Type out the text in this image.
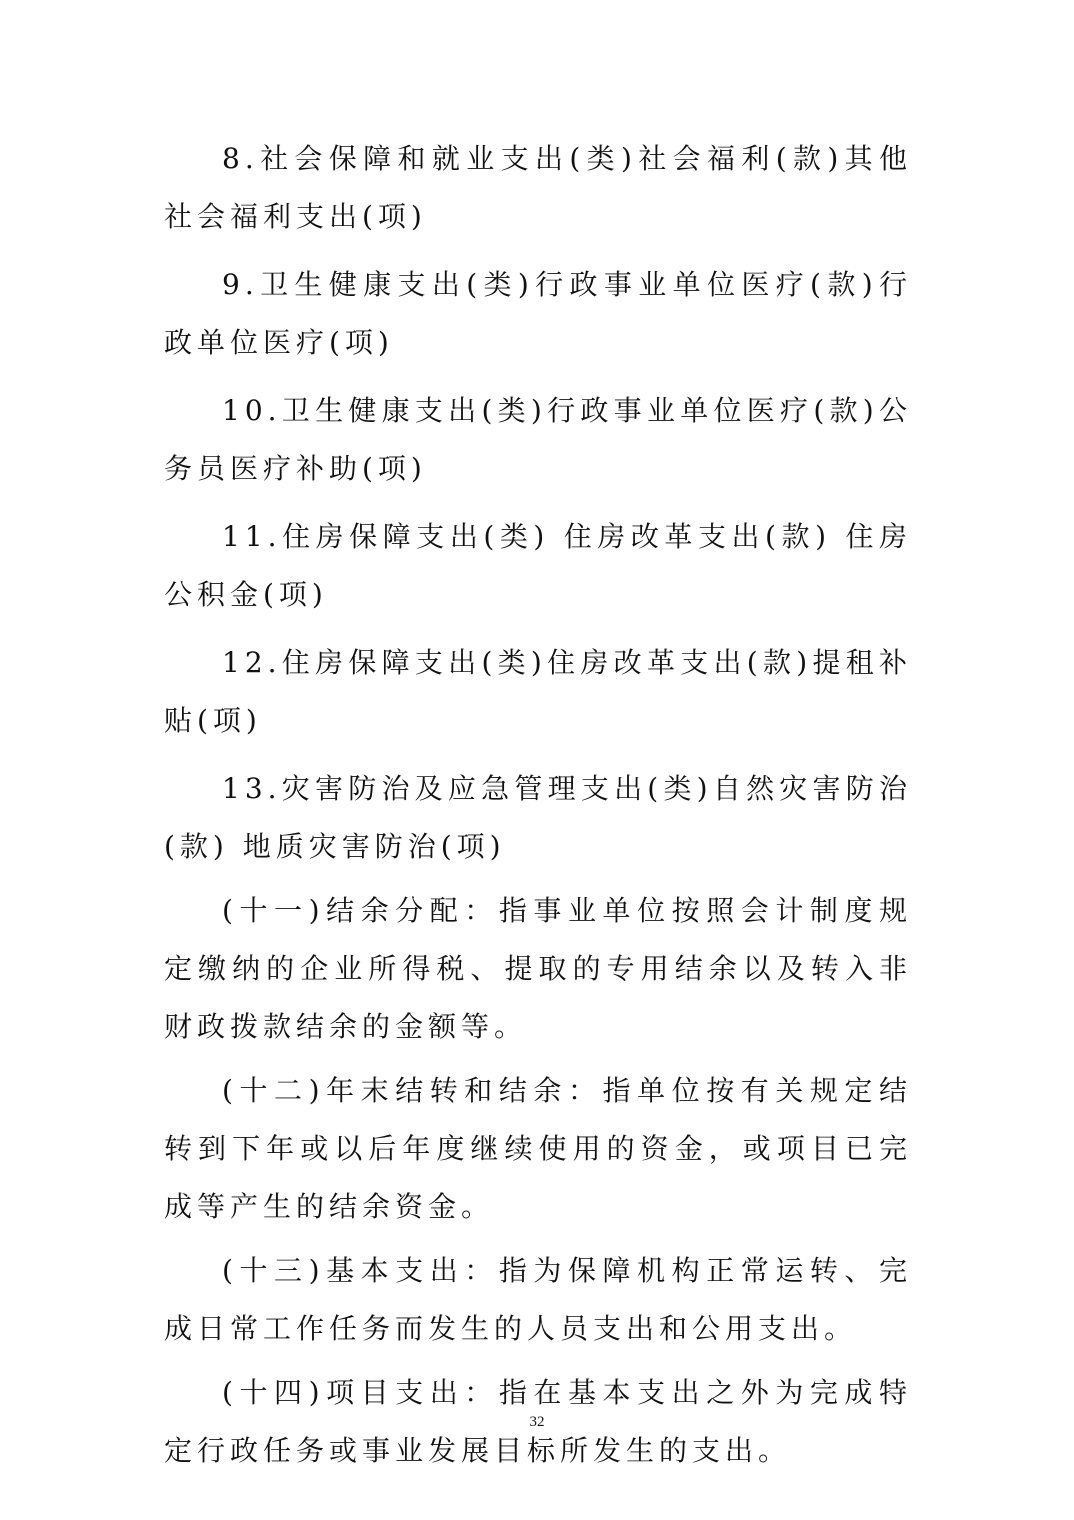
8.社会保障和就业支出(类)社会福利(款)其他社会福利支出(项)

9.卫生健康支出(类)行政事业单位医疗(款)行政单位医疗(项)

10.卫生健康支出(类)行政事业单位医疗(款)公务员医疗补助(项)

11.住房保障支出(类) 住房改革支出(款) 住房公积金(项)

12.住房保障支出(类)住房改革支出(款)提租补贴(项)

13.灾害防治及应急管理支出(类)自然灾害防治(款) 地质灾害防治(项)

(十一)结余分配：指事业单位按照会计制度规定缴纳的企业所得税、提取的专用结余以及转入非财政拨款结余的金额等。

(十二)年末结转和结余：指单位按有关规定结转到下年或以后年度继续使用的资金，或项目已完成等产生的结余资金。

(十三)基本支出：指为保障机构正常运转、完成日常工作任务而发生的人员支出和公用支出。

(十四)项目支出：指在基本支出之外为完成特定行政任务或事业发展目标所发生的支出。

32
